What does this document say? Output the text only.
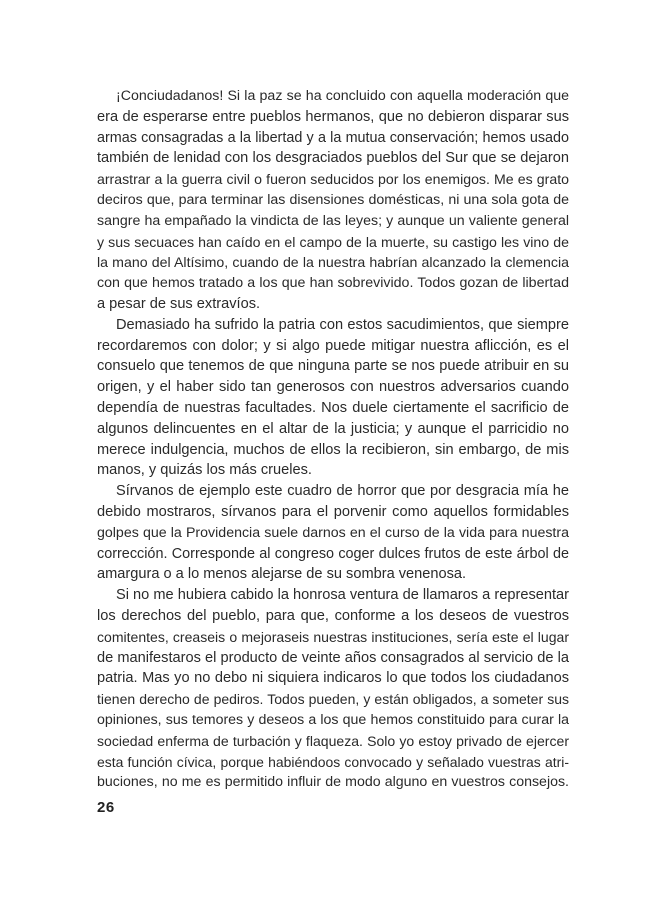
¡Conciudadanos! Si la paz se ha concluido con aquella moderación que
era de esperarse entre pueblos hermanos, que no debieron disparar sus
armas consagradas a la libertad y a la mutua conservación; hemos usado
también de lenidad con los desgraciados pueblos del Sur que se dejaron
arrastrar a la guerra civil o fueron seducidos por los enemigos. Me es grato
deciros que, para terminar las disensiones domésticas, ni una sola gota de
sangre ha empañado la vindicta de las leyes; y aunque un valiente general
y sus secuaces han caído en el campo de la muerte, su castigo les vino de
la mano del Altísimo, cuando de la nuestra habrían alcanzado la clemencia
con que hemos tratado a los que han sobrevivido. Todos gozan de libertad
a pesar de sus extravíos.
Demasiado ha sufrido la patria con estos sacudimientos, que siempre
recordaremos con dolor; y si algo puede mitigar nuestra aflicción, es el
consuelo que tenemos de que ninguna parte se nos puede atribuir en su
origen, y el haber sido tan generosos con nuestros adversarios cuando
dependía de nuestras facultades. Nos duele ciertamente el sacrificio de
algunos delincuentes en el altar de la justicia; y aunque el parricidio no
merece indulgencia, muchos de ellos la recibieron, sin embargo, de mis
manos, y quizás los más crueles.
Sírvanos de ejemplo este cuadro de horror que por desgracia mía he
debido mostraros, sírvanos para el porvenir como aquellos formidables
golpes que la Providencia suele darnos en el curso de la vida para nuestra
corrección. Corresponde al congreso coger dulces frutos de este árbol de
amargura o a lo menos alejarse de su sombra venenosa.
Si no me hubiera cabido la honrosa ventura de llamaros a representar
los derechos del pueblo, para que, conforme a los deseos de vuestros
comitentes, creaseis o mejoraseis nuestras instituciones, sería este el lugar
de manifestaros el producto de veinte años consagrados al servicio de la
patria. Mas yo no debo ni siquiera indicaros lo que todos los ciudadanos
tienen derecho de pediros. Todos pueden, y están obligados, a someter sus
opiniones, sus temores y deseos a los que hemos constituido para curar la
sociedad enferma de turbación y flaqueza. Solo yo estoy privado de ejercer
esta función cívica, porque habiéndoos convocado y señalado vuestras atri-
buciones, no me es permitido influir de modo alguno en vuestros consejos.
26
